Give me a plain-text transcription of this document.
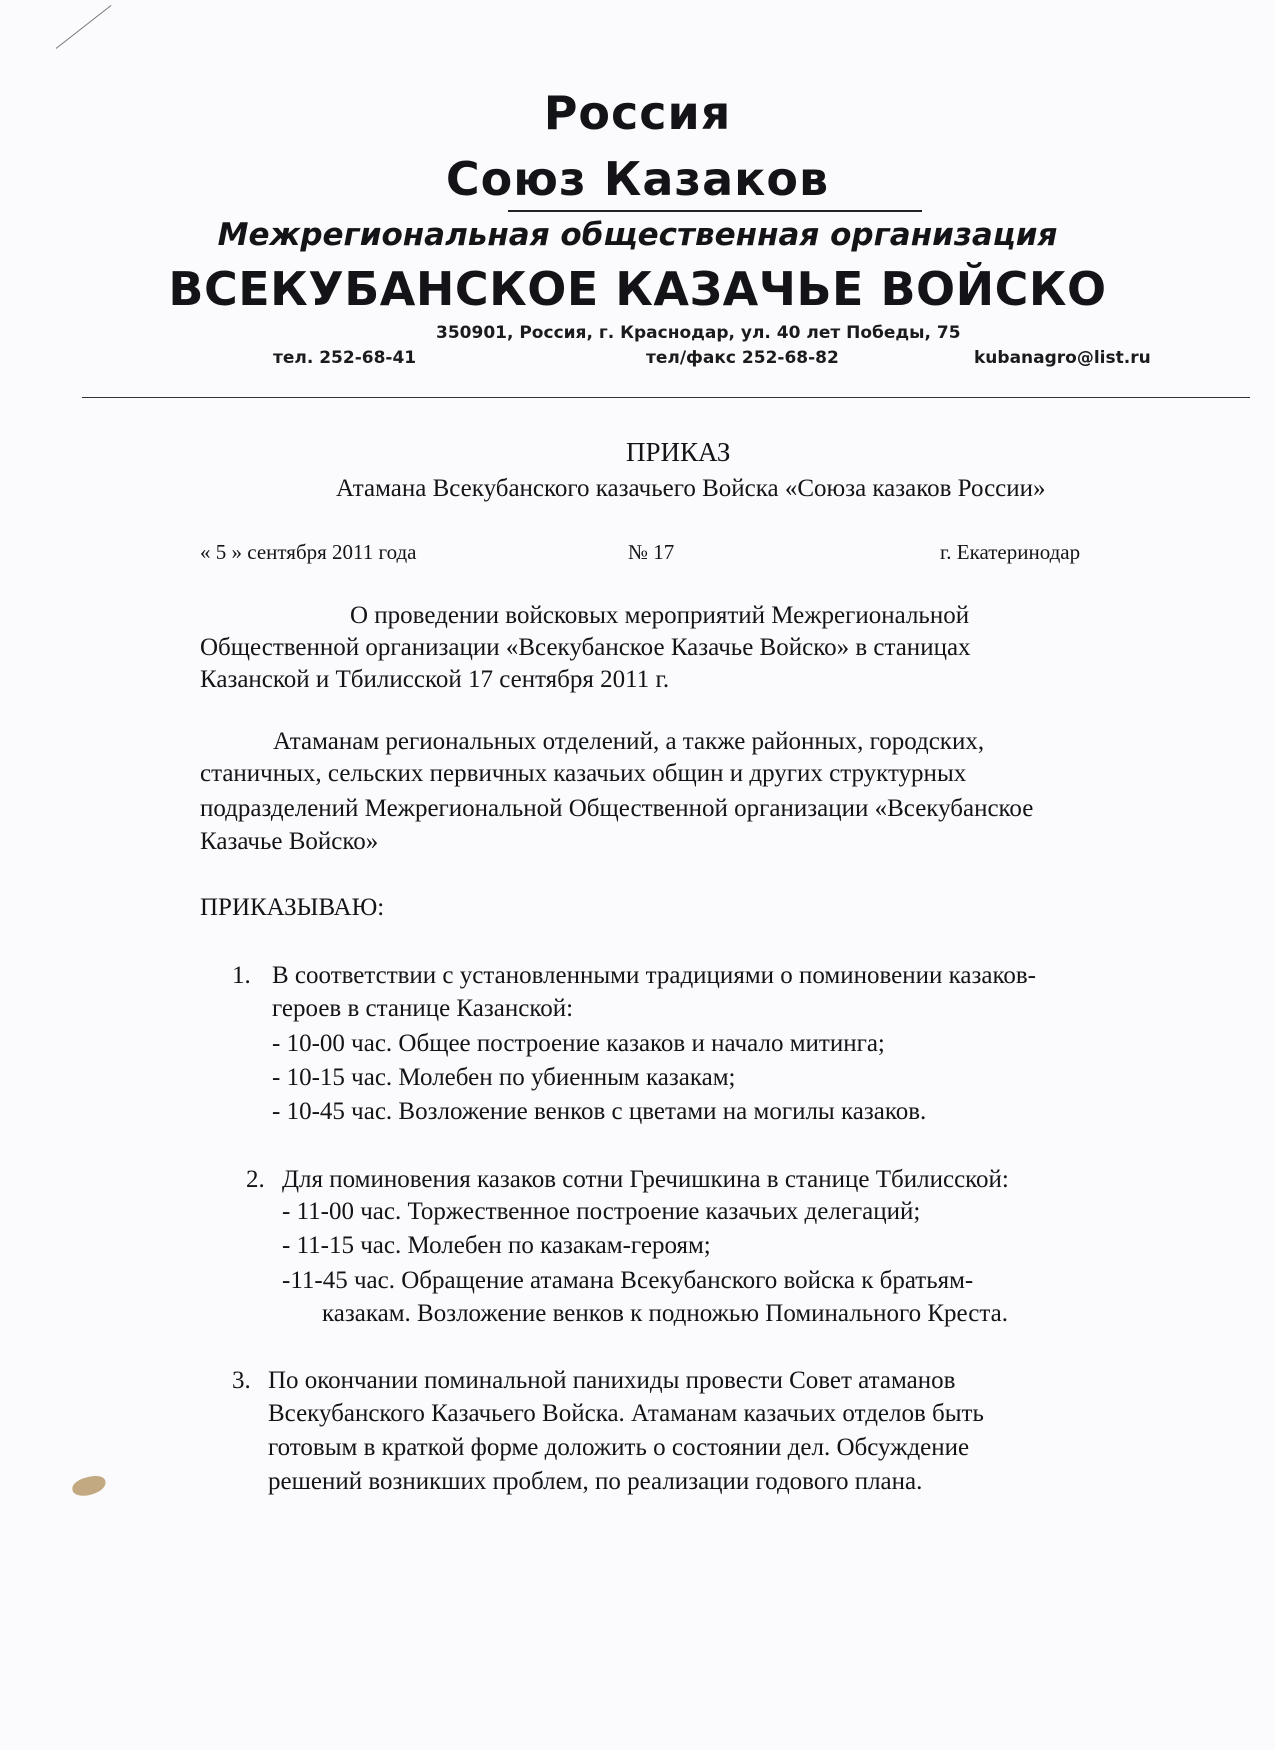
Россия
Союз Казаков
Межрегиональная общественная организация
ВСЕКУБАНСКОЕ КАЗАЧЬЕ ВОЙСКО
350901, Россия, г. Краснодар, ул. 40 лет Победы, 75
тел. 252-68-41	тел/факс 252-68-82	kubanagro@list.ru
ПРИКАЗ
Атамана Всекубанского казачьего Войска «Союза казаков России»
« 5 » сентября 2011 года	№ 17	г. Екатеринодар
О проведении войсковых мероприятий Межрегиональной
Общественной организации «Всекубанское Казачье Войско» в станицах
Казанской и Тбилисской 17 сентября 2011 г.
Атаманам региональных отделений, а также районных, городских,
станичных, сельских первичных казачьих общин и других структурных
подразделений Межрегиональной Общественной организации «Всекубанское
Казачье Войско»
ПРИКАЗЫВАЮ:
1. В соответствии с установленными традициями о поминовении казаков-
героев в станице Казанской:
- 10-00 час. Общее построение казаков и начало митинга;
- 10-15 час. Молебен по убиенным казакам;
- 10-45 час. Возложение венков с цветами на могилы казаков.
2. Для поминовения казаков сотни Гречишкина в станице Тбилисской:
- 11-00 час. Торжественное построение казачьих делегаций;
- 11-15 час. Молебен по казакам-героям;
-11-45 час. Обращение атамана Всекубанского войска к братьям-
казакам. Возложение венков к подножью Поминального Креста.
3. По окончании поминальной панихиды провести Совет атаманов
Всекубанского Казачьего Войска. Атаманам казачьих отделов быть
готовым в краткой форме доложить о состоянии дел. Обсуждение
решений возникших проблем, по реализации годового плана.
